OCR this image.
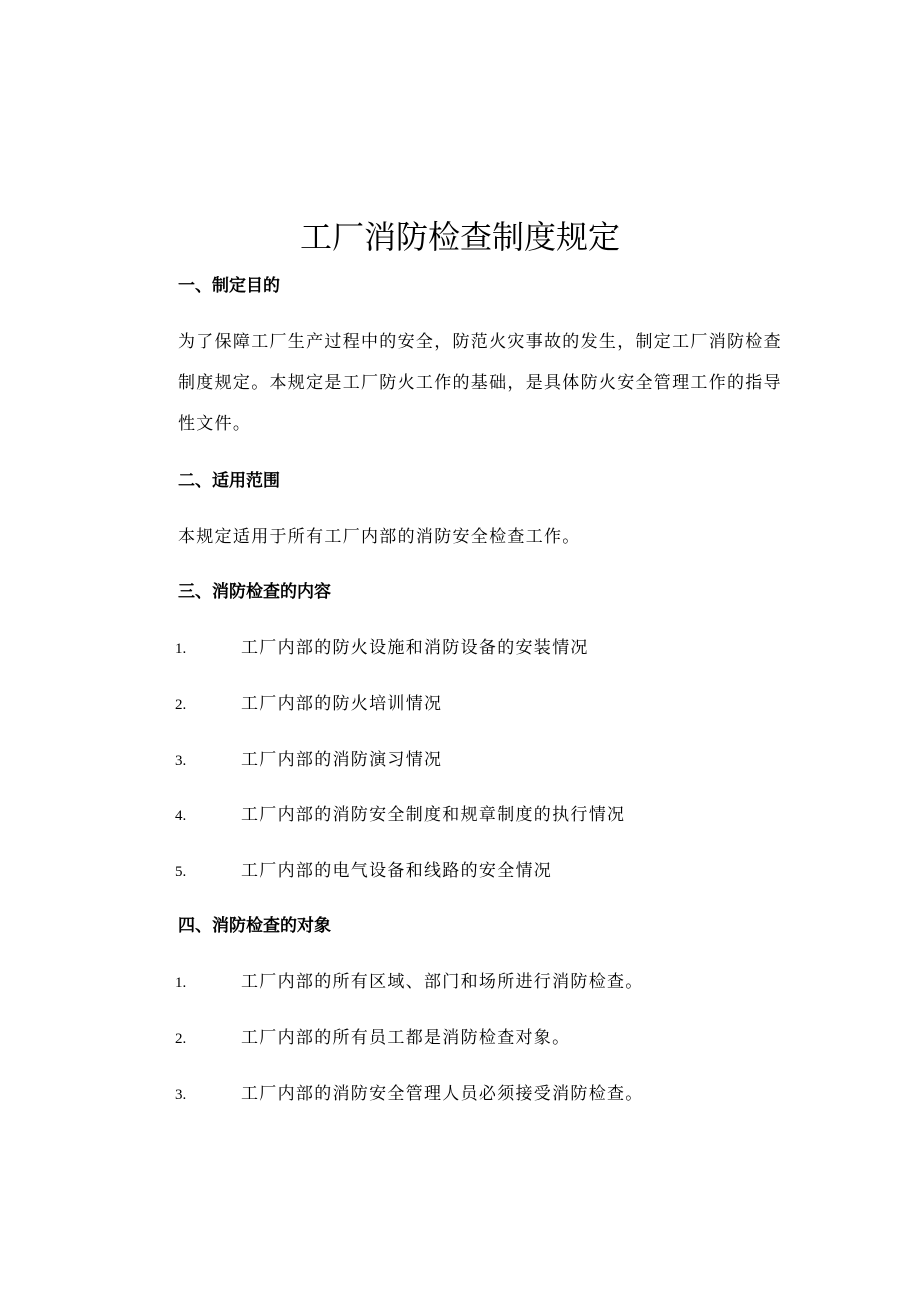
工厂消防检查制度规定
一、制定目的

为了保障工厂生产过程中的安全，防范火灾事故的发生，制定工厂消防检查制度规定。本规定是工厂防火工作的基础，是具体防火安全管理工作的指导性文件。

二、适用范围

本规定适用于所有工厂内部的消防安全检查工作。

三、消防检查的内容
1.	工厂内部的防火设施和消防设备的安装情况
2.	工厂内部的防火培训情况
3.	工厂内部的消防演习情况
4.	工厂内部的消防安全制度和规章制度的执行情况
5.	工厂内部的电气设备和线路的安全情况
四、消防检查的对象
1.	工厂内部的所有区域、部门和场所进行消防检查。
2.	工厂内部的所有员工都是消防检查对象。
3.	工厂内部的消防安全管理人员必须接受消防检查。
